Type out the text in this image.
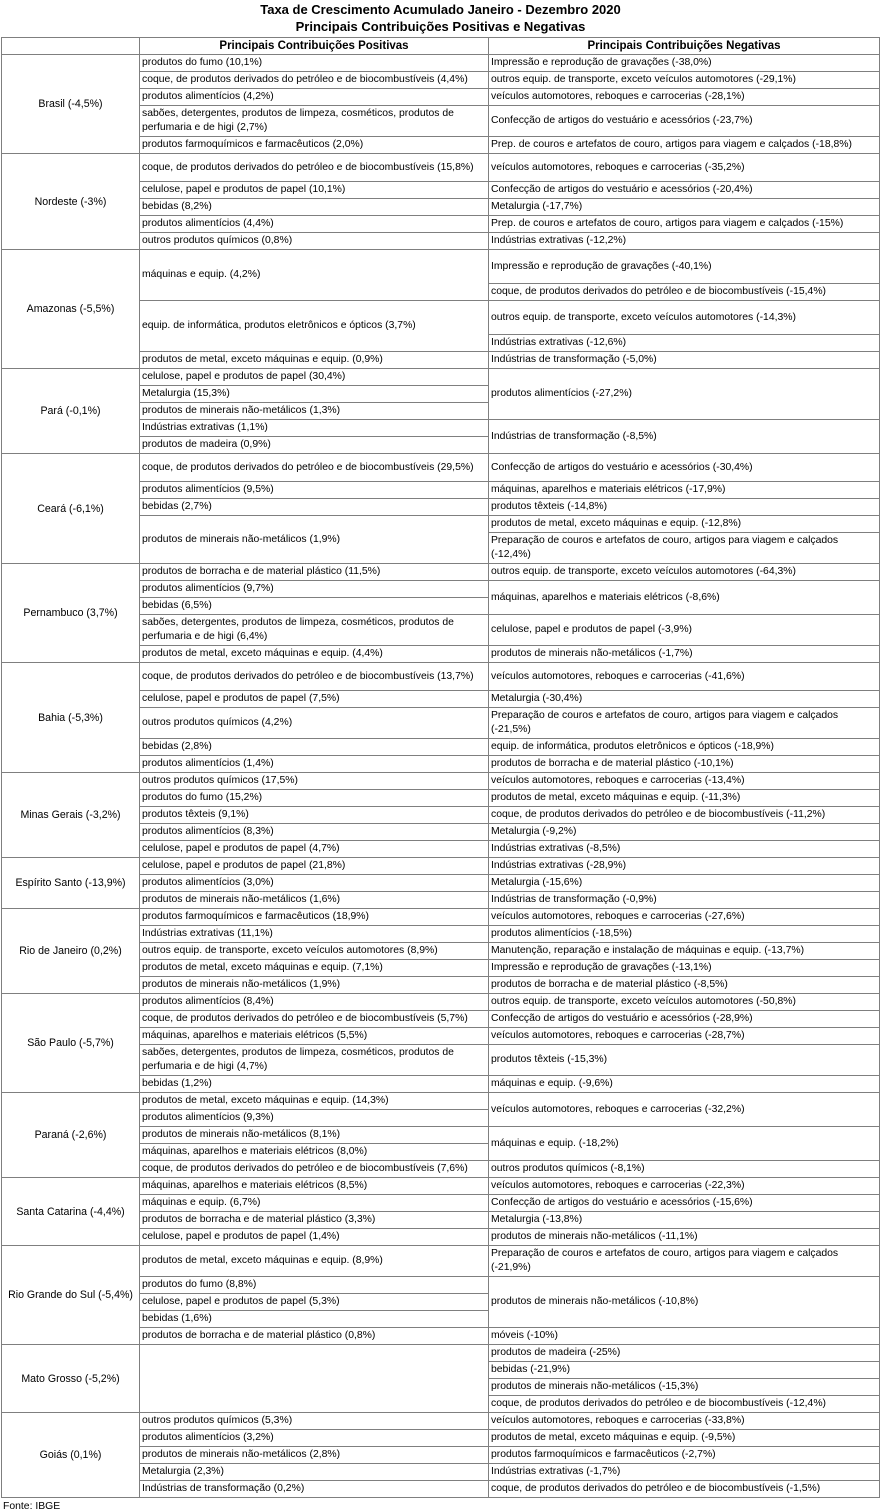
Taxa de Crescimento Acumulado Janeiro - Dezembro 2020
Principais Contribuições Positivas e Negativas
	Principais Contribuições Positivas	Principais Contribuições Negativas
Brasil (-4,5%)	produtos do fumo (10,1%)	Impressão e reprodução de gravações (-38,0%)
	coque, de produtos derivados do petróleo e de biocombustíveis (4,4%)	outros equip. de transporte, exceto veículos automotores (-29,1%)
	produtos alimentícios (4,2%)	veículos automotores, reboques e carrocerias (-28,1%)
	sabões, detergentes, produtos de limpeza, cosméticos, produtos de perfumaria e de higi (2,7%)	Confecção de artigos do vestuário e acessórios (-23,7%)
	produtos farmoquímicos e farmacêuticos (2,0%)	Prep. de couros e artefatos de couro, artigos para viagem e calçados (-18,8%)
Nordeste (-3%)	coque, de produtos derivados do petróleo e de biocombustíveis (15,8%)	veículos automotores, reboques e carrocerias (-35,2%)
	celulose, papel e produtos de papel (10,1%)	Confecção de artigos do vestuário e acessórios (-20,4%)
	bebidas (8,2%)	Metalurgia (-17,7%)
	produtos alimentícios (4,4%)	Prep. de couros e artefatos de couro, artigos para viagem e calçados (-15%)
	outros produtos químicos (0,8%)	Indústrias extrativas (-12,2%)
Amazonas (-5,5%)	máquinas e equip. (4,2%)	Impressão e reprodução de gravações (-40,1%)
		coque, de produtos derivados do petróleo e de biocombustíveis (-15,4%)
	equip. de informática, produtos eletrônicos e ópticos (3,7%)	outros equip. de transporte, exceto veículos automotores (-14,3%)
		Indústrias extrativas (-12,6%)
	produtos de metal, exceto máquinas e equip. (0,9%)	Indústrias de transformação (-5,0%)
Pará (-0,1%)	celulose, papel e produtos de papel (30,4%)	produtos alimentícios (-27,2%)
	Metalurgia (15,3%)	
	produtos de minerais não-metálicos (1,3%)	
	Indústrias extrativas (1,1%)	Indústrias de transformação (-8,5%)
	produtos de madeira (0,9%)	
Ceará (-6,1%)	coque, de produtos derivados do petróleo e de biocombustíveis (29,5%)	Confecção de artigos do vestuário e acessórios (-30,4%)
	produtos alimentícios (9,5%)	máquinas, aparelhos e materiais elétricos (-17,9%)
	bebidas (2,7%)	produtos têxteis (-14,8%)
	produtos de minerais não-metálicos (1,9%)	produtos de metal, exceto máquinas e equip. (-12,8%)
		Preparação de couros e artefatos de couro, artigos para viagem e calçados (-12,4%)
Pernambuco (3,7%)	produtos de borracha e de material plástico (11,5%)	outros equip. de transporte, exceto veículos automotores (-64,3%)
	produtos alimentícios (9,7%)	máquinas, aparelhos e materiais elétricos (-8,6%)
	bebidas (6,5%)	
	sabões, detergentes, produtos de limpeza, cosméticos, produtos de perfumaria e de higi (6,4%)	celulose, papel e produtos de papel (-3,9%)
	produtos de metal, exceto máquinas e equip. (4,4%)	produtos de minerais não-metálicos (-1,7%)
Bahia (-5,3%)	coque, de produtos derivados do petróleo e de biocombustíveis (13,7%)	veículos automotores, reboques e carrocerias (-41,6%)
	celulose, papel e produtos de papel (7,5%)	Metalurgia (-30,4%)
	outros produtos químicos (4,2%)	Preparação de couros e artefatos de couro, artigos para viagem e calçados (-21,5%)
	bebidas (2,8%)	equip. de informática, produtos eletrônicos e ópticos (-18,9%)
	produtos alimentícios (1,4%)	produtos de borracha e de material plástico (-10,1%)
Minas Gerais (-3,2%)	outros produtos químicos (17,5%)	veículos automotores, reboques e carrocerias (-13,4%)
	produtos do fumo (15,2%)	produtos de metal, exceto máquinas e equip. (-11,3%)
	produtos têxteis (9,1%)	coque, de produtos derivados do petróleo e de biocombustíveis (-11,2%)
	produtos alimentícios (8,3%)	Metalurgia (-9,2%)
	celulose, papel e produtos de papel (4,7%)	Indústrias extrativas (-8,5%)
Espírito Santo (-13,9%)	celulose, papel e produtos de papel (21,8%)	Indústrias extrativas (-28,9%)
	produtos alimentícios (3,0%)	Metalurgia (-15,6%)
	produtos de minerais não-metálicos (1,6%)	Indústrias de transformação (-0,9%)
Rio de Janeiro (0,2%)	produtos farmoquímicos e farmacêuticos (18,9%)	veículos automotores, reboques e carrocerias (-27,6%)
	Indústrias extrativas (11,1%)	produtos alimentícios (-18,5%)
	outros equip. de transporte, exceto veículos automotores (8,9%)	Manutenção, reparação e instalação de máquinas e equip. (-13,7%)
	produtos de metal, exceto máquinas e equip. (7,1%)	Impressão e reprodução de gravações (-13,1%)
	produtos de minerais não-metálicos (1,9%)	produtos de borracha e de material plástico (-8,5%)
São Paulo (-5,7%)	produtos alimentícios (8,4%)	outros equip. de transporte, exceto veículos automotores (-50,8%)
	coque, de produtos derivados do petróleo e de biocombustíveis (5,7%)	Confecção de artigos do vestuário e acessórios (-28,9%)
	máquinas, aparelhos e materiais elétricos (5,5%)	veículos automotores, reboques e carrocerias (-28,7%)
	sabões, detergentes, produtos de limpeza, cosméticos, produtos de perfumaria e de higi (4,7%)	produtos têxteis (-15,3%)
	bebidas (1,2%)	máquinas e equip. (-9,6%)
Paraná (-2,6%)	produtos de metal, exceto máquinas e equip. (14,3%)	veículos automotores, reboques e carrocerias (-32,2%)
	produtos alimentícios (9,3%)	
	produtos de minerais não-metálicos (8,1%)	máquinas e equip. (-18,2%)
	máquinas, aparelhos e materiais elétricos (8,0%)	
	coque, de produtos derivados do petróleo e de biocombustíveis (7,6%)	outros produtos químicos (-8,1%)
Santa Catarina (-4,4%)	máquinas, aparelhos e materiais elétricos (8,5%)	veículos automotores, reboques e carrocerias (-22,3%)
	máquinas e equip. (6,7%)	Confecção de artigos do vestuário e acessórios (-15,6%)
	produtos de borracha e de material plástico (3,3%)	Metalurgia (-13,8%)
	celulose, papel e produtos de papel (1,4%)	produtos de minerais não-metálicos (-11,1%)
Rio Grande do Sul (-5,4%)	produtos de metal, exceto máquinas e equip. (8,9%)	Preparação de couros e artefatos de couro, artigos para viagem e calçados (-21,9%)
	produtos do fumo (8,8%)	produtos de minerais não-metálicos (-10,8%)
	celulose, papel e produtos de papel (5,3%)	
	bebidas (1,6%)	
	produtos de borracha e de material plástico (0,8%)	móveis (-10%)
Mato Grosso (-5,2%)		produtos de madeira (-25%)
		bebidas (-21,9%)
		produtos de minerais não-metálicos (-15,3%)
		coque, de produtos derivados do petróleo e de biocombustíveis (-12,4%)
Goiás (0,1%)	outros produtos químicos (5,3%)	veículos automotores, reboques e carrocerias (-33,8%)
	produtos alimentícios (3,2%)	produtos de metal, exceto máquinas e equip. (-9,5%)
	produtos de minerais não-metálicos (2,8%)	produtos farmoquímicos e farmacêuticos (-2,7%)
	Metalurgia (2,3%)	Indústrias extrativas (-1,7%)
	Indústrias de transformação (0,2%)	coque, de produtos derivados do petróleo e de biocombustíveis (-1,5%)
Fonte: IBGE
